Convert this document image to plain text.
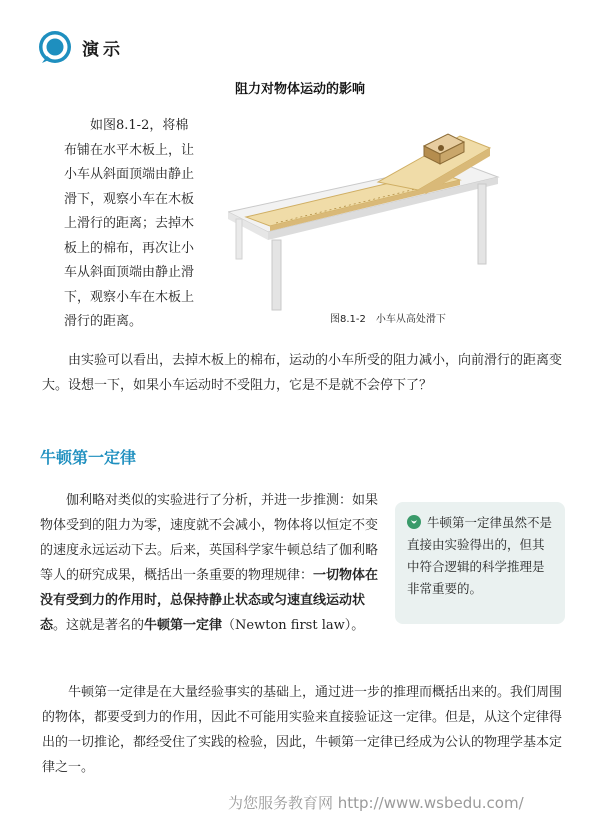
演示
阻力对物体运动的影响

如图8.1-2，将棉布铺在水平木板上，让小车从斜面顶端由静止滑下，观察小车在木板上滑行的距离；去掉木板上的棉布，再次让小车从斜面顶端由静止滑下，观察小车在木板上滑行的距离。	图8.1-2　小车从高处滑下

由实验可以看出，去掉木板上的棉布，运动的小车所受的阻力减小，向前滑行的距离变大。设想一下，如果小车运动时不受阻力，它是不是就不会停下了？

牛顿第一定律

伽利略对类似的实验进行了分析，并进一步推测：如果物体受到的阻力为零，速度就不会减小，物体将以恒定不变的速度永远运动下去。后来，英国科学家牛顿总结了伽利略等人的研究成果，概括出一条重要的物理规律：一切物体在没有受到力的作用时，总保持静止状态或匀速直线运动状态。这就是著名的牛顿第一定律（Newton first law）。

牛顿第一定律虽然不是直接由实验得出的，但其中符合逻辑的科学推理是非常重要的。

牛顿第一定律是在大量经验事实的基础上，通过进一步的推理而概括出来的。我们周围的物体，都要受到力的作用，因此不可能用实验来直接验证这一定律。但是，从这个定律得出的一切推论，都经受住了实践的检验，因此，牛顿第一定律已经成为公认的物理学基本定律之一。

为您服务教育网 http://www.wsbedu.com/
